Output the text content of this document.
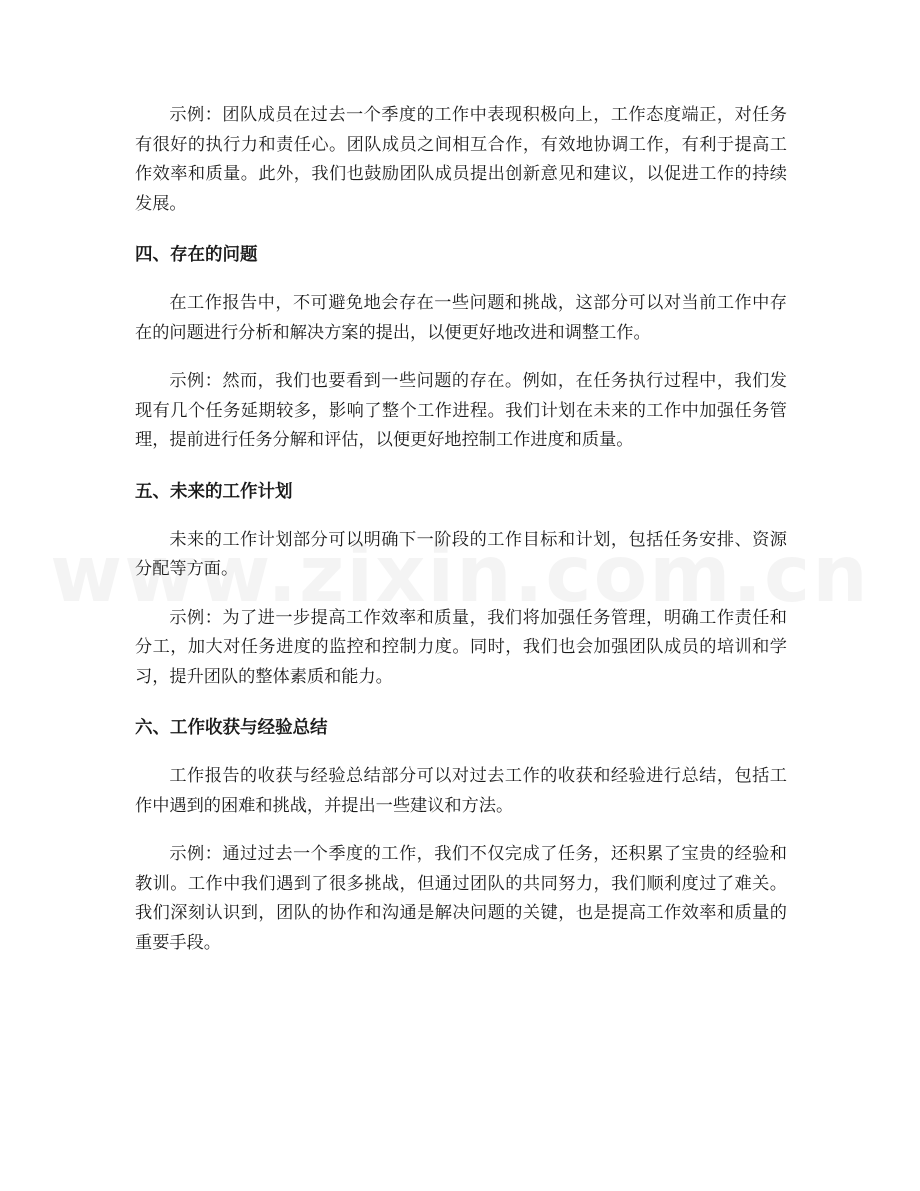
示例：团队成员在过去一个季度的工作中表现积极向上，工作态度端正，对任务有很好的执行力和责任心。团队成员之间相互合作，有效地协调工作，有利于提高工作效率和质量。此外，我们也鼓励团队成员提出创新意见和建议，以促进工作的持续发展。

四、存在的问题

在工作报告中，不可避免地会存在一些问题和挑战，这部分可以对当前工作中存在的问题进行分析和解决方案的提出，以便更好地改进和调整工作。

示例：然而，我们也要看到一些问题的存在。例如，在任务执行过程中，我们发现有几个任务延期较多，影响了整个工作进程。我们计划在未来的工作中加强任务管理，提前进行任务分解和评估，以便更好地控制工作进度和质量。

五、未来的工作计划

未来的工作计划部分可以明确下一阶段的工作目标和计划，包括任务安排、资源分配等方面。

示例：为了进一步提高工作效率和质量，我们将加强任务管理，明确工作责任和分工，加大对任务进度的监控和控制力度。同时，我们也会加强团队成员的培训和学习，提升团队的整体素质和能力。

六、工作收获与经验总结

工作报告的收获与经验总结部分可以对过去工作的收获和经验进行总结，包括工作中遇到的困难和挑战，并提出一些建议和方法。

示例：通过过去一个季度的工作，我们不仅完成了任务，还积累了宝贵的经验和教训。工作中我们遇到了很多挑战，但通过团队的共同努力，我们顺利度过了难关。我们深刻认识到，团队的协作和沟通是解决问题的关键，也是提高工作效率和质量的重要手段。
